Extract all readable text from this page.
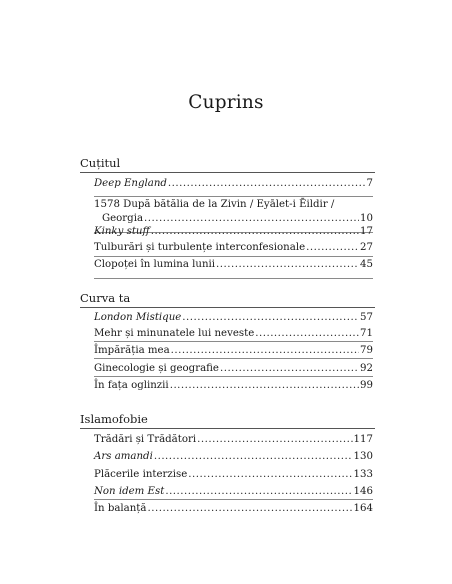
Cuprins
Cuțitul
Deep England .....	7
1578 După bătălia de la Zivin / Eyālet-i Ēildir /
Georgia .....	10
Kinky stuff .....	17
Tulburări și turbulențe interconfesionale .....	27
Clopoței în lumina lunii .....	45
Curva ta
London Mistique .....	57
Mehr și minunatele lui neveste .....	71
Împărăția mea .....	79
Ginecologie și geografie .....	92
În fața oglinzii .....	99
Islamofobie
Trădări și Trădători .....	117
Ars amandi .....	130
Plăcerile interzise .....	133
Non idem Est .....	146
În balanță .....	164
